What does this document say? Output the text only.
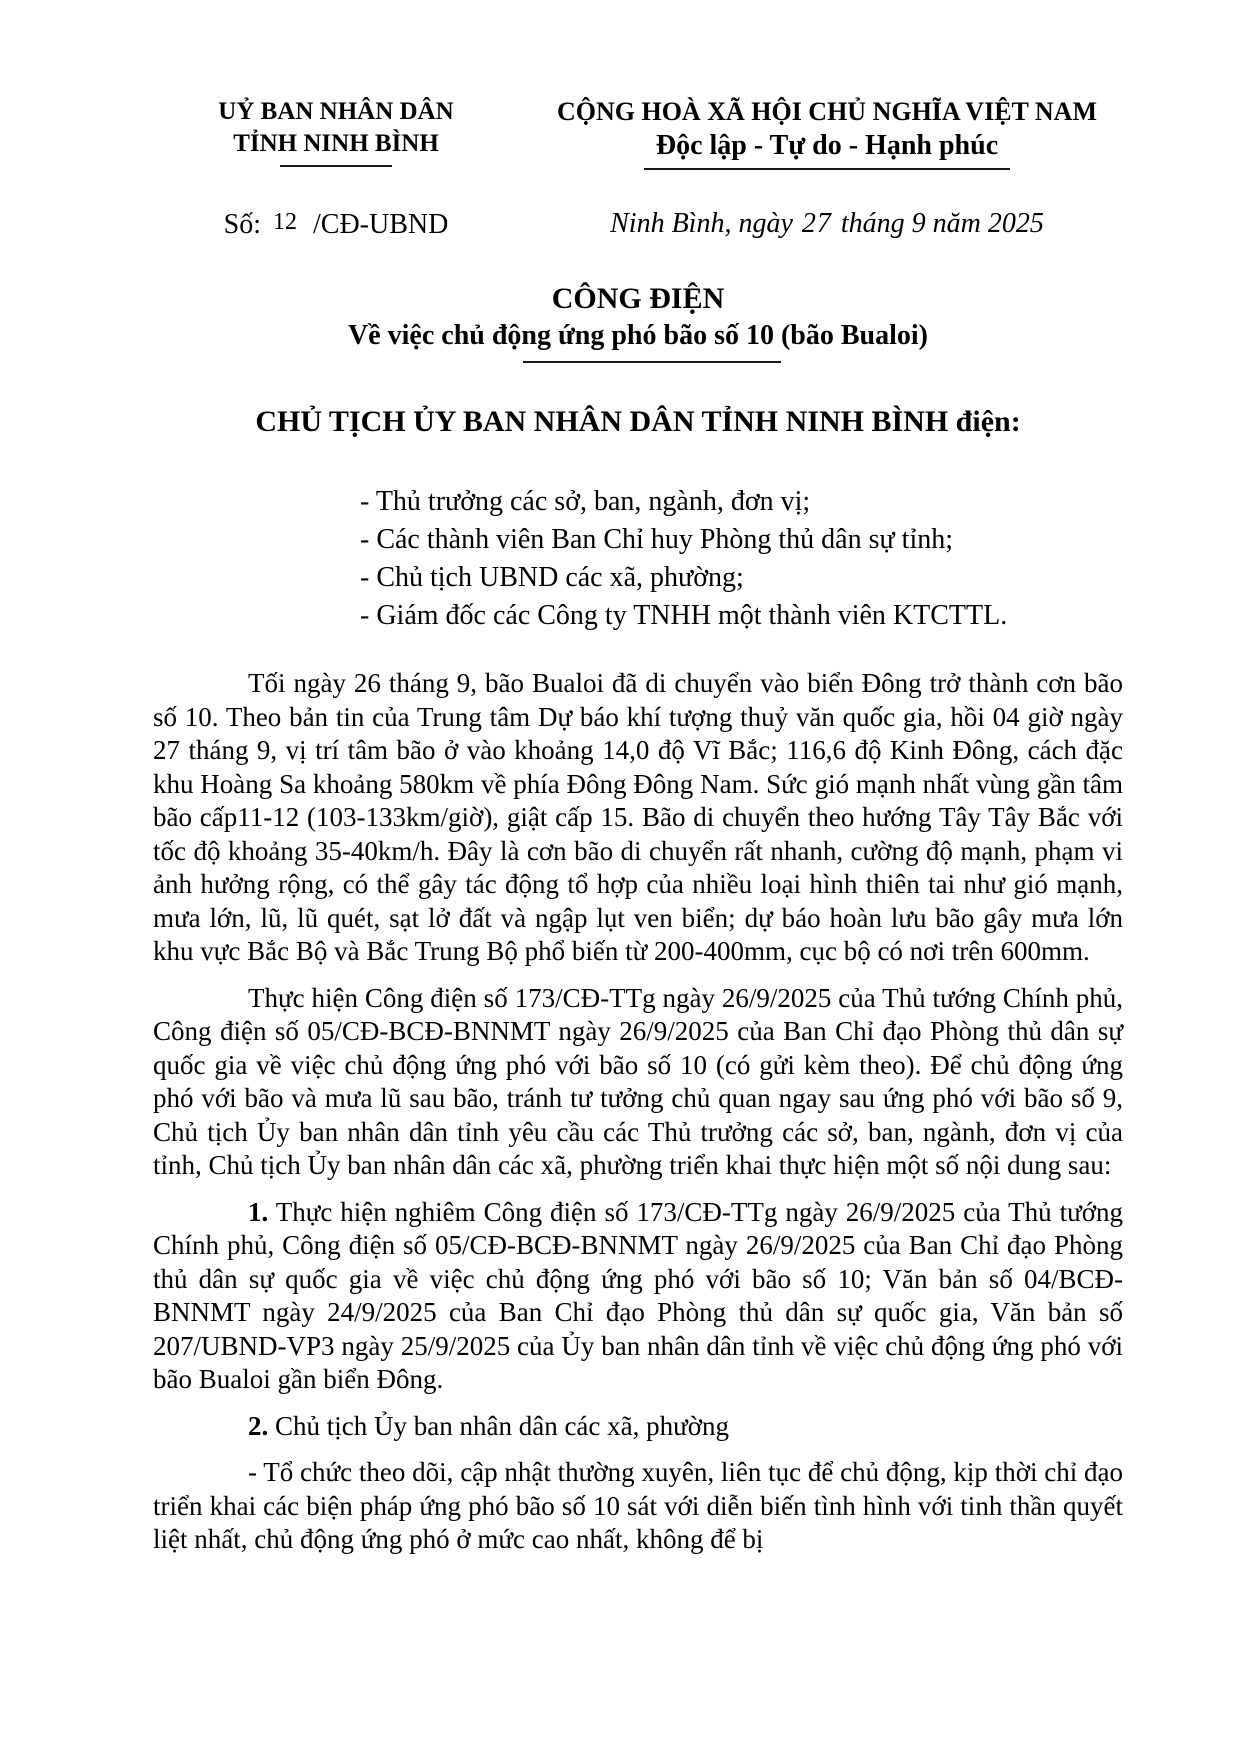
UỶ BAN NHÂN DÂN
TỈNH NINH BÌNH
Số: 12 /CĐ-UBND
CỘNG HOÀ XÃ HỘI CHỦ NGHĨA VIỆT NAM
Độc lập - Tự do - Hạnh phúc
Ninh Bình, ngày 27 tháng 9 năm 2025
CÔNG ĐIỆN
Về việc chủ động ứng phó bão số 10 (bão Bualoi)
CHỦ TỊCH ỦY BAN NHÂN DÂN TỈNH NINH BÌNH điện:
- Thủ trưởng các sở, ban, ngành, đơn vị;
- Các thành viên Ban Chỉ huy Phòng thủ dân sự tỉnh;
- Chủ tịch UBND các xã, phường;
- Giám đốc các Công ty TNHH một thành viên KTCTTL.

Tối ngày 26 tháng 9, bão Bualoi đã di chuyển vào biển Đông trở thành cơn bão số 10. Theo bản tin của Trung tâm Dự báo khí tượng thuỷ văn quốc gia, hồi 04 giờ ngày 27 tháng 9, vị trí tâm bão ở vào khoảng 14,0 độ Vĩ Bắc; 116,6 độ Kinh Đông, cách đặc khu Hoàng Sa khoảng 580km về phía Đông Đông Nam. Sức gió mạnh nhất vùng gần tâm bão cấp11-12 (103-133km/giờ), giật cấp 15. Bão di chuyển theo hướng Tây Tây Bắc với tốc độ khoảng 35-40km/h. Đây là cơn bão di chuyển rất nhanh, cường độ mạnh, phạm vi ảnh hưởng rộng, có thể gây tác động tổ hợp của nhiều loại hình thiên tai như gió mạnh, mưa lớn, lũ, lũ quét, sạt lở đất và ngập lụt ven biển; dự báo hoàn lưu bão gây mưa lớn khu vực Bắc Bộ và Bắc Trung Bộ phổ biến từ 200-400mm, cục bộ có nơi trên 600mm.

Thực hiện Công điện số 173/CĐ-TTg ngày 26/9/2025 của Thủ tướng Chính phủ, Công điện số 05/CĐ-BCĐ-BNNMT ngày 26/9/2025 của Ban Chỉ đạo Phòng thủ dân sự quốc gia về việc chủ động ứng phó với bão số 10 (có gửi kèm theo). Để chủ động ứng phó với bão và mưa lũ sau bão, tránh tư tưởng chủ quan ngay sau ứng phó với bão số 9, Chủ tịch Ủy ban nhân dân tỉnh yêu cầu các Thủ trưởng các sở, ban, ngành, đơn vị của tỉnh, Chủ tịch Ủy ban nhân dân các xã, phường triển khai thực hiện một số nội dung sau:

1. Thực hiện nghiêm Công điện số 173/CĐ-TTg ngày 26/9/2025 của Thủ tướng Chính phủ, Công điện số 05/CĐ-BCĐ-BNNMT ngày 26/9/2025 của Ban Chỉ đạo Phòng thủ dân sự quốc gia về việc chủ động ứng phó với bão số 10; Văn bản số 04/BCĐ-BNNMT ngày 24/9/2025 của Ban Chỉ đạo Phòng thủ dân sự quốc gia, Văn bản số 207/UBND-VP3 ngày 25/9/2025 của Ủy ban nhân dân tỉnh về việc chủ động ứng phó với bão Bualoi gần biển Đông.

2. Chủ tịch Ủy ban nhân dân các xã, phường

- Tổ chức theo dõi, cập nhật thường xuyên, liên tục để chủ động, kịp thời chỉ đạo triển khai các biện pháp ứng phó bão số 10 sát với diễn biến tình hình với tinh thần quyết liệt nhất, chủ động ứng phó ở mức cao nhất, không để bị
